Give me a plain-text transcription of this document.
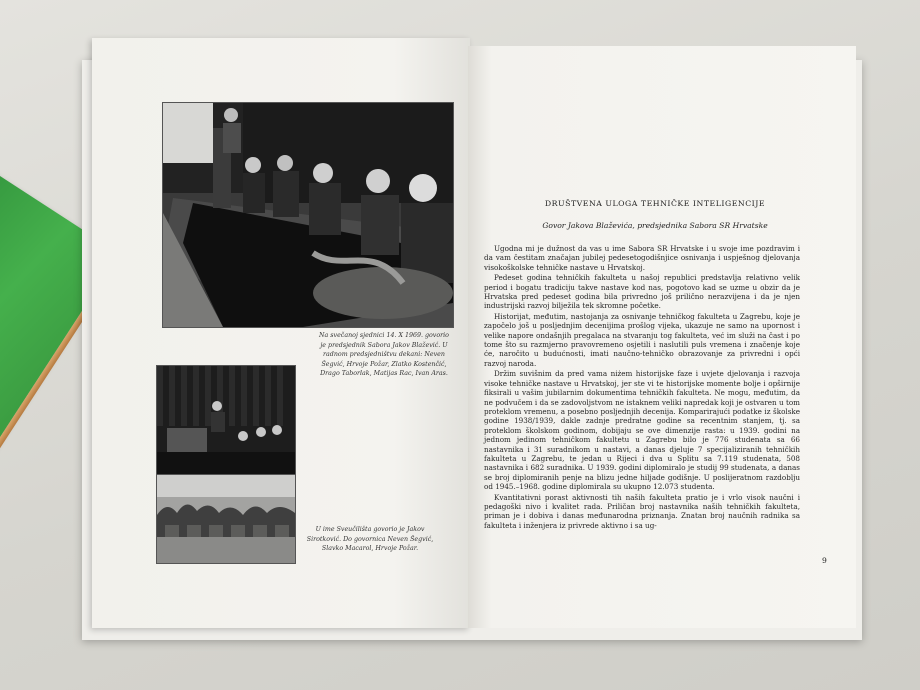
Na svečanoj sjednici 14. X 1969. govorio je predsjednik Sabora Jakov Blažević. U radnom predsjedništvu dekani: Neven Šegvić, Hrvoje Požar, Zlatko Kostenčić, Drago Taborlak, Matijas Rac, Ivan Aras.
U ime Sveučilišta govorio je Jakov Sirotković. Do govornica Neven Šegvić, Slavko Macarol, Hrvoje Požar.
DRUŠTVENA ULOGA TEHNIČKE INTELIGENCIJE
Govor Jakova Blaževića, predsjednika Sabora SR Hrvatske

Ugodna mi je dužnost da vas u ime Sabora SR Hrvatske i u svoje ime pozdravim i da vam čestitam značajan jubilej pedesetogodišnjice osnivanja i uspješnog djelovanja visokoškolske tehničke nastave u Hrvatskoj.

Pedeset godina tehničkih fakulteta u našoj republici predstavlja relativno velik period i bogatu tradiciju takve nastave kod nas, pogotovo kad se uzme u obzir da je Hrvatska pred pedeset godina bila privredno još prilično nerazvijena i da je njen industrijski razvoj bilježila tek skromne početke.

Historijat, međutim, nastojanja za osnivanje tehničkog fakulteta u Zagrebu, koje je započelo još u posljednjim decenijima prošlog vijeka, ukazuje ne samo na upornost i velike napore ondašnjih pregalaca na stvaranju tog fakulteta, već im služi na čast i po tome što su razmjerno pravovremeno osjetili i naslutili puls vremena i značenje koje će, naročito u budućnosti, imati naučno-tehničko obrazovanje za privredni i opći razvoj naroda.

Držim suvišnim da pred vama niżem historijske faze i uvjete djelovanja i razvoja visoke tehničke nastave u Hrvatskoj, jer ste vi te historijske momente bolje i opširnije fiksirali u vašim jubilarnim dokumentima tehničkih fakulteta. Ne mogu, međutim, da ne podvučem i da se zadovoljstvom ne istaknem veliki napredak koji je ostvaren u tom proteklom vremenu, a posebno posljednjih decenija. Komparirajući podatke iz školske godine 1938/1939, dakle zadnje predratne godine sa recentnim stanjem, tj. sa proteklom školskom godinom, dobijaju se ove dimenzije rasta: u 1939. godini na jednom jedinom tehničkom fakultetu u Zagrebu bilo je 776 studenata sa 66 nastavnika i 31 suradnikom u nastavi, a danas djeluje 7 specijaliziranih tehničkih fakulteta u Zagrebu, te jedan u Rijeci i dva u Splitu sa 7.119 studenata, 508 nastavnika i 682 suradnika. U 1939. godini diplomiralo je studij 99 studenata, a danas se broj diplomiranih penje na blizu jedne hiljade godišnje. U poslijeratnom razdoblju od 1945.–1968. godine diplomirala su ukupno 12.073 studenta.

Kvantitativni porast aktivnosti tih naših fakulteta pratio je i vrlo visok naučni i pedagoški nivo i kvalitet rada. Priličan broj nastavnika naših tehničkih fakulteta, priman je i dobiva i danas međunarodna priznanja. Znatan broj naučnih radnika sa fakulteta i inženjera iz privrede aktivno i sa ug-

9
